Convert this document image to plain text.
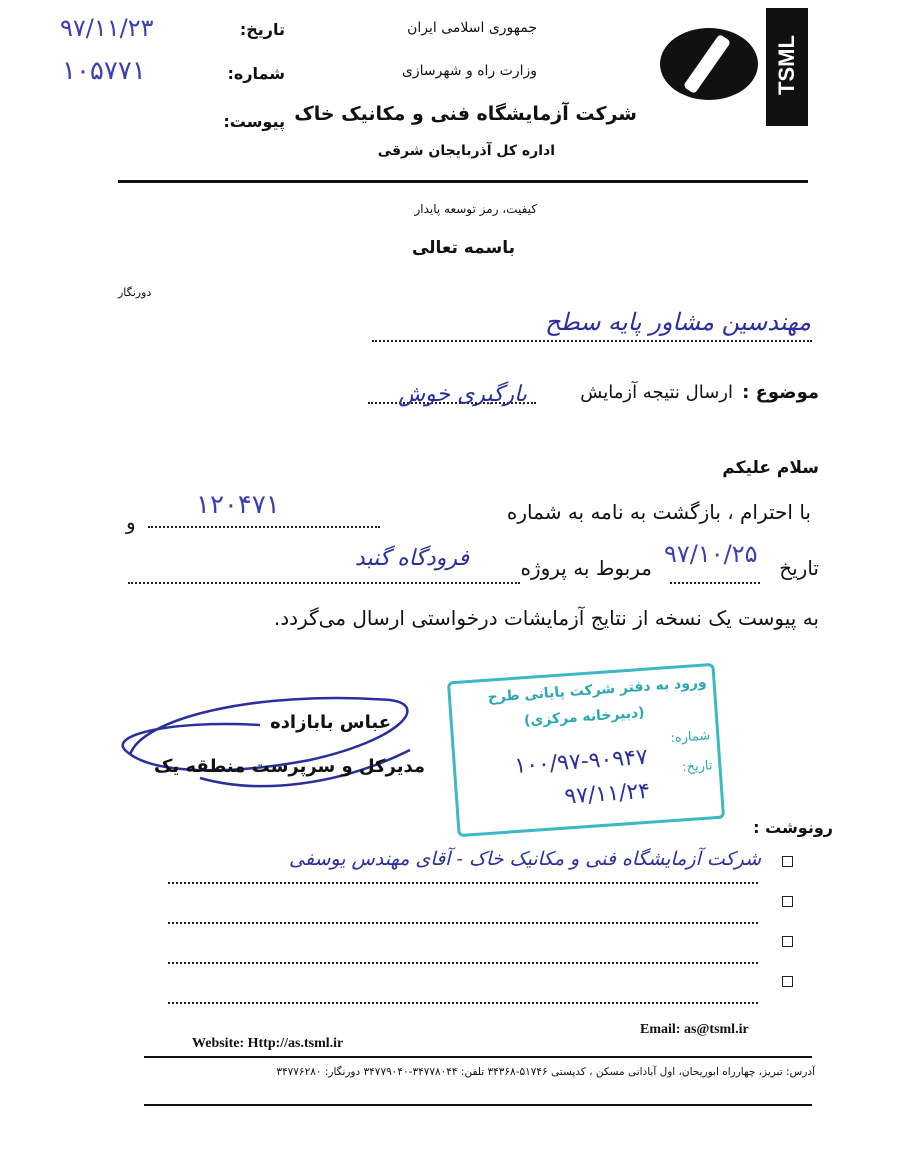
TSML
جمهوری اسلامی ایران
وزارت راه و شهرسازی
شرکت آزمایشگاه فنی و مکانیک خاک
اداره کل آذربایجان شرقی
تاریخ:
۹۷/۱۱/۲۳
شماره:
۱۰۵۷۷۱
پیوست:
کیفیت، رمز توسعه پایدار
باسمه تعالی
دورنگار
مهندسین مشاور پایه سطح
موضوع :
ارسال نتیجه آزمایش
بارگیری خوش
سلام علیکم
با احترام ، بازگشت به نامه به شماره
۱۲۰۴۷۱
و
تاریخ
۹۷/۱۰/۲۵
مربوط به پروژه
فرودگاه گنبد
به پیوست یک نسخه از نتایج آزمایشات درخواستی ارسال می‌گردد.
عباس بابازاده
مدیرکل و سرپرست منطقه یک
ورود به دفتر شرکت پایانی طرح
(دبیرخانه مرکزی)
شماره:
۱۰۰/۹۷-۹۰۹۴۷	تاریخ:
۹۷/۱۱/۲۴
رونوشت :
شرکت آزمایشگاه فنی و مکانیک خاک - آقای مهندس یوسفی
Website: Http://as.tsml.ir
Email: as@tsml.ir
آدرس: تبریز، چهارراه ابوریحان، اول آبادانی مسکن ، کدپستی ۵۱۷۴۶-۳۴۳۶۸ تلفن: ۳۴۷۷۸۰۴۴-۳۴۷۷۹۰۴۰ دورنگار: ۳۴۷۷۶۲۸۰
